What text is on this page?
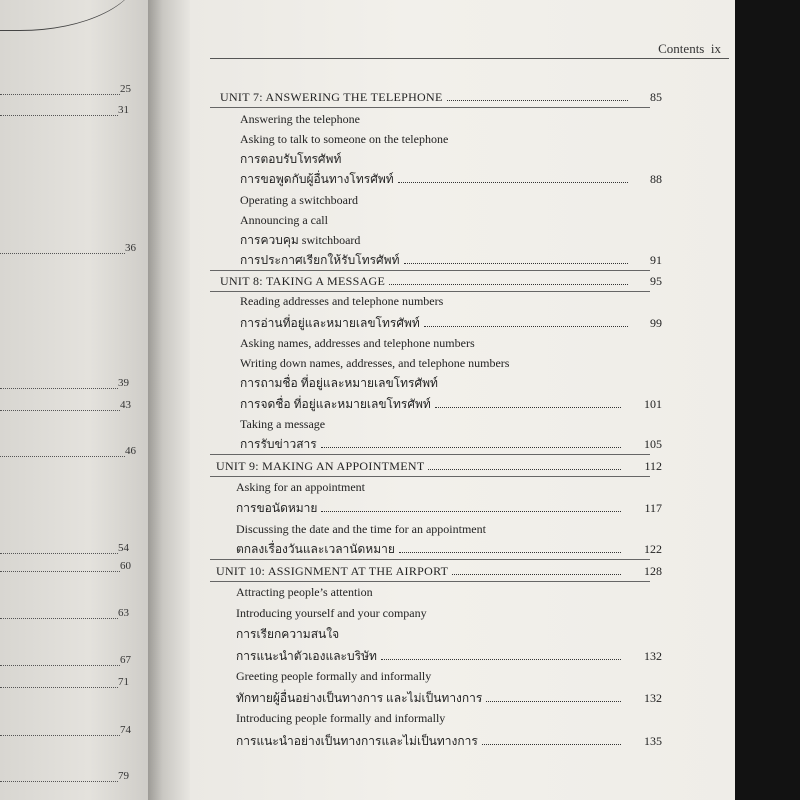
25
31
36
39
43
46
54
60
63
67
71
74
79
Contents ix
UNIT 7: ANSWERING THE TELEPHONE	85
Answering the telephone
Asking to talk to someone on the telephone
การตอบรับโทรศัพท์
การขอพูดกับผู้อื่นทางโทรศัพท์	88
Operating a switchboard
Announcing a call
การควบคุม switchboard
การประกาศเรียกให้รับโทรศัพท์	91
UNIT 8: TAKING A MESSAGE	95
Reading addresses and telephone numbers
การอ่านที่อยู่และหมายเลขโทรศัพท์	99
Asking names, addresses and telephone numbers
Writing down names, addresses, and telephone numbers
การถามชื่อ ที่อยู่และหมายเลขโทรศัพท์
การจดชื่อ ที่อยู่และหมายเลขโทรศัพท์	101
Taking a message
การรับข่าวสาร	105
UNIT 9: MAKING AN APPOINTMENT	112
Asking for an appointment
การขอนัดหมาย	117
Discussing the date and the time for an appointment
ตกลงเรื่องวันและเวลานัดหมาย	122
UNIT 10: ASSIGNMENT AT THE AIRPORT	128
Attracting people’s attention
Introducing yourself and your company
การเรียกความสนใจ
การแนะนำตัวเองและบริษัท	132
Greeting people formally and informally
ทักทายผู้อื่นอย่างเป็นทางการ และไม่เป็นทางการ	132
Introducing people formally and informally
การแนะนำอย่างเป็นทางการและไม่เป็นทางการ	135
